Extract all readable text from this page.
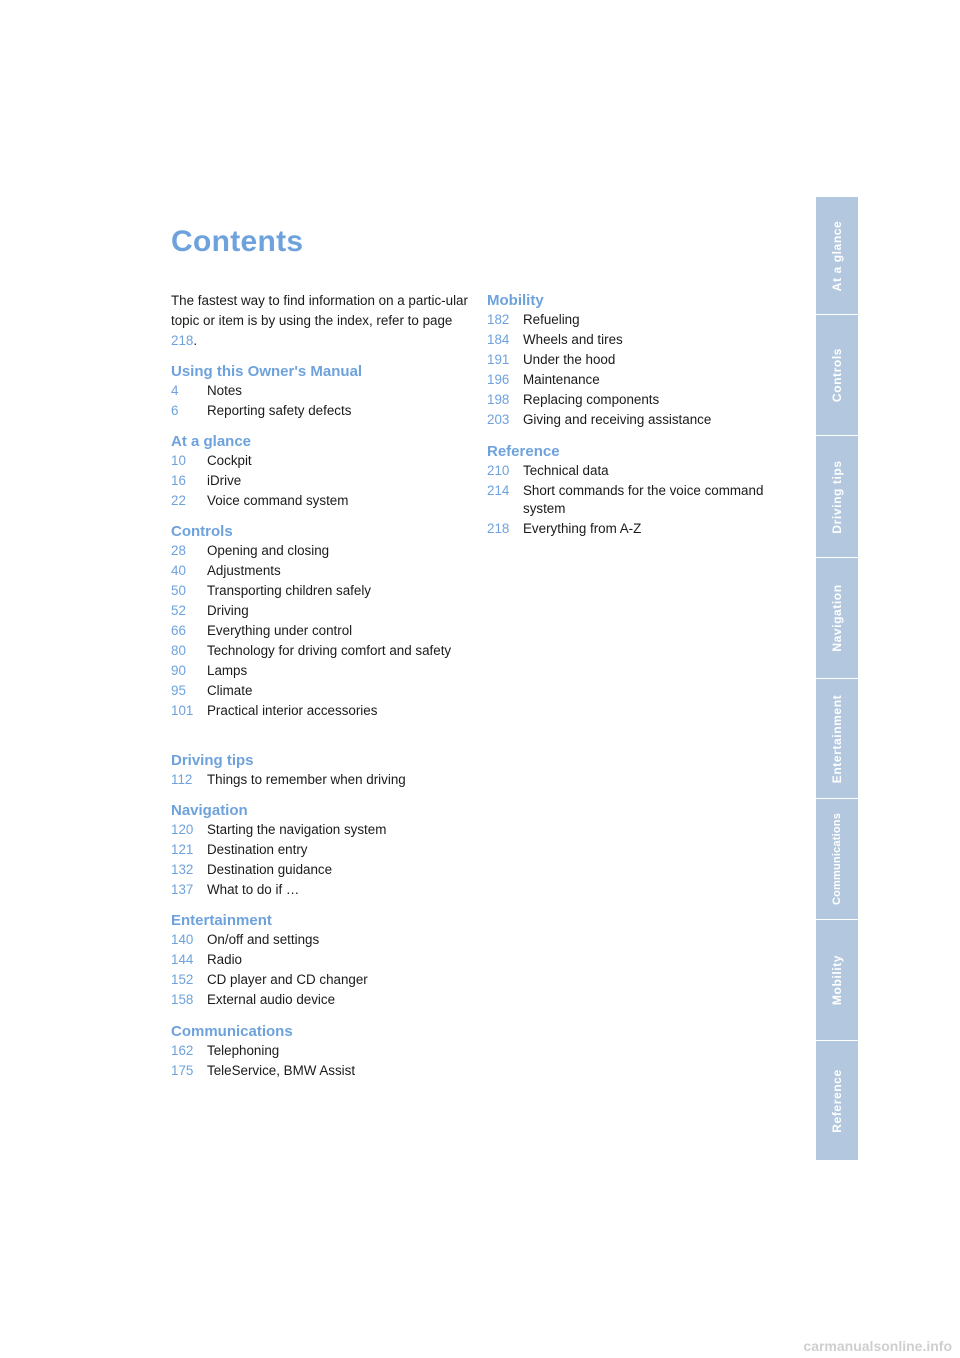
Contents
The fastest way to find information on a partic-ular topic or item is by using the index, refer to page 218.
Using this Owner's Manual
4	Notes
6	Reporting safety defects
At a glance
10	Cockpit
16	iDrive
22	Voice command system
Controls
28	Opening and closing
40	Adjustments
50	Transporting children safely
52	Driving
66	Everything under control
80	Technology for driving comfort and safety
90	Lamps
95	Climate
101	Practical interior accessories
Driving tips
112	Things to remember when driving
Navigation
120	Starting the navigation system
121	Destination entry
132	Destination guidance
137	What to do if …
Entertainment
140	On/off and settings
144	Radio
152	CD player and CD changer
158	External audio device
Communications
162	Telephoning
175	TeleService, BMW Assist
Mobility
182	Refueling
184	Wheels and tires
191	Under the hood
196	Maintenance
198	Replacing components
203	Giving and receiving assistance
Reference
210	Technical data
214	Short commands for the voice command system
218	Everything from A-Z
At a glance
Controls
Driving tips
Navigation
Entertainment
Communications
Mobility
Reference
carmanualsonline.info
